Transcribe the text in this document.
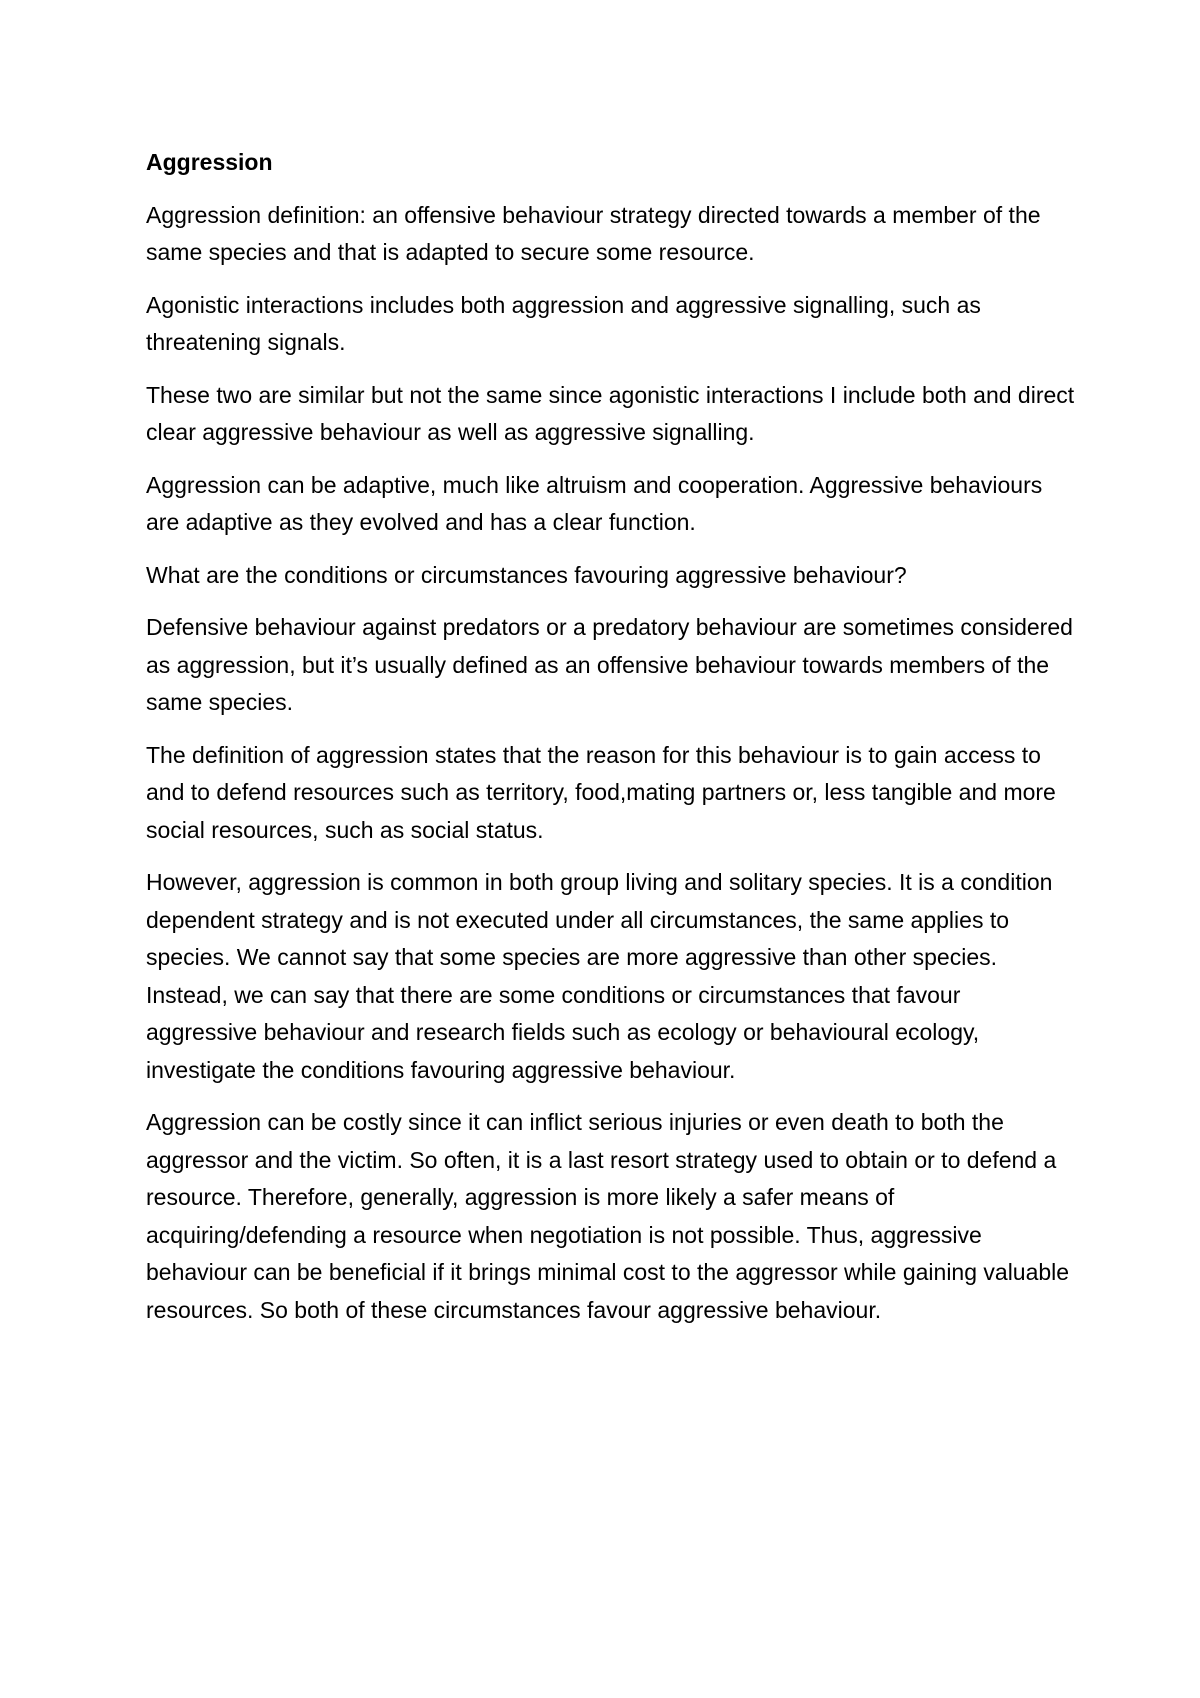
Aggression

Aggression definition: an offensive behaviour strategy directed towards a member of the same species and that is adapted to secure some resource.

Agonistic interactions includes both aggression and aggressive signalling, such as threatening signals.

These two are similar but not the same since agonistic interactions I include both and direct clear aggressive behaviour as well as aggressive signalling.

Aggression can be adaptive, much like altruism and cooperation. Aggressive behaviours are adaptive as they evolved and has a clear function.

What are the conditions or circumstances favouring aggressive behaviour?

Defensive behaviour against predators or a predatory behaviour are sometimes considered as aggression, but it’s usually defined as an offensive behaviour towards members of the same species.

The definition of aggression states that the reason for this behaviour is to gain access to and to defend resources such as territory, food,mating partners or, less tangible and more social resources, such as social status.

However, aggression is common in both group living and solitary species. It is a condition dependent strategy and is not executed under all circumstances, the same applies to species. We cannot say that some species are more aggressive than other species. Instead, we can say that there are some conditions or circumstances that favour aggressive behaviour and research fields such as ecology or behavioural ecology, investigate the conditions favouring aggressive behaviour.

Aggression can be costly since it can inflict serious injuries or even death to both the aggressor and the victim. So often, it is a last resort strategy used to obtain or to defend a resource. Therefore, generally, aggression is more likely a safer means of acquiring/defending a resource when negotiation is not possible. Thus, aggressive behaviour can be beneficial if it brings minimal cost to the aggressor while gaining valuable resources. So both of these circumstances favour aggressive behaviour.
